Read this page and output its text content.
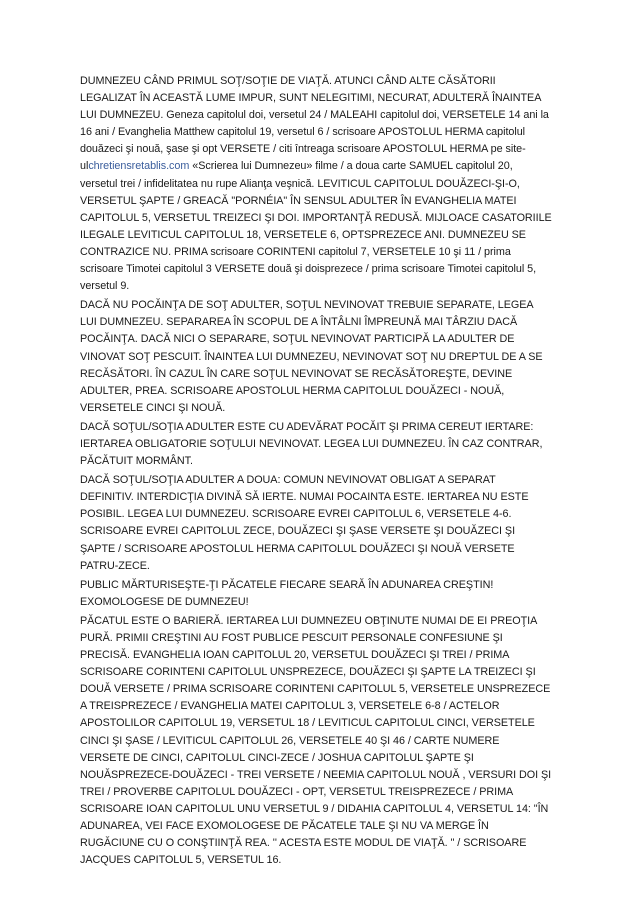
DUMNEZEU CÂND PRIMUL SOŢ/SOŢIE DE VIAŢĂ. ATUNCI CÂND ALTE CĂSĂTORII LEGALIZAT ÎN ACEASTĂ LUME IMPUR, SUNT NELEGITIMI, NECURAT, ADULTERĂ ÎNAINTEA LUI DUMNEZEU. Geneza capitolul doi, versetul 24 / MALEAHI capitolul doi, VERSETELE 14 ani la 16 ani / Evanghelia Matthew capitolul 19, versetul 6 / scrisoare APOSTOLUL HERMA capitolul douăzeci şi nouă, şase şi opt VERSETE / citi întreaga scrisoare APOSTOLUL HERMA pe site-ulchretiensretablis.com «Scrierea lui Dumnezeu» filme / a doua carte SAMUEL capitolul 20, versetul trei / infidelitatea nu rupe Alianţa veşnică. LEVITICUL CAPITOLUL DOUĂZECI-ŞI-O, VERSETUL ŞAPTE / GREACĂ "PORNÉIA" ÎN SENSUL ADULTER ÎN EVANGHELIA MATEI CAPITOLUL 5, VERSETUL TREIZECI ŞI DOI. IMPORTANŢĂ REDUSĂ. MIJLOACE CASATORIILE ILEGALE LEVITICUL CAPITOLUL 18, VERSETELE 6, OPTSPREZECE ANI. DUMNEZEU SE CONTRAZICE NU. PRIMA scrisoare CORINTENI capitolul 7, VERSETELE 10 şi 11 / prima scrisoare Timotei capitolul 3 VERSETE două şi doisprezece / prima scrisoare Timotei capitolul 5, versetul 9.

DACĂ NU POCĂINŢA DE SOŢ ADULTER, SOŢUL NEVINOVAT TREBUIE SEPARATE, LEGEA LUI DUMNEZEU. SEPARAREA ÎN SCOPUL DE A ÎNTÂLNI ÎMPREUNĂ MAI TÂRZIU DACĂ POCĂINŢA. DACĂ NICI O SEPARARE, SOŢUL NEVINOVAT PARTICIPĂ LA ADULTER DE VINOVAT SOŢ PESCUIT. ÎNAINTEA LUI DUMNEZEU, NEVINOVAT SOŢ NU DREPTUL DE A SE RECĂSĂTORI. ÎN CAZUL ÎN CARE SOŢUL NEVINOVAT SE RECĂSĂTOREŞTE, DEVINE ADULTER, PREA. SCRISOARE APOSTOLUL HERMA CAPITOLUL DOUĂZECI - NOUĂ, VERSETELE CINCI ŞI NOUĂ.

DACĂ SOŢUL/SOŢIA ADULTER ESTE CU ADEVĂRAT POCĂIT ŞI PRIMA CEREUT IERTARE: IERTAREA OBLIGATORIE SOŢULUI NEVINOVAT. LEGEA LUI DUMNEZEU. ÎN CAZ CONTRAR, PĂCĂTUIT MORMÂNT.

DACĂ SOŢUL/SOŢIA ADULTER A DOUA: COMUN NEVINOVAT OBLIGAT A SEPARAT DEFINITIV. INTERDICŢIA DIVINĂ SĂ IERTE. NUMAI POCAINTA ESTE. IERTAREA NU ESTE POSIBIL. LEGEA LUI DUMNEZEU. SCRISOARE EVREI CAPITOLUL 6, VERSETELE 4-6. SCRISOARE EVREI CAPITOLUL ZECE, DOUĂZECI ŞI ŞASE VERSETE ŞI DOUĂZECI ŞI ŞAPTE / SCRISOARE APOSTOLUL HERMA CAPITOLUL DOUĂZECI ŞI NOUĂ VERSETE PATRU-ZECE.

PUBLIC MĂRTURISEŞTE-ŢI PĂCATELE FIECARE SEARĂ ÎN ADUNAREA CREŞTIN! EXOMOLOGESE DE DUMNEZEU!

PĂCATUL ESTE O BARIERĂ. IERTAREA LUI DUMNEZEU OBŢINUTE NUMAI DE EI PREOŢIA PURĂ. PRIMII CREŞTINI AU FOST PUBLICE PESCUIT PERSONALE CONFESIUNE ŞI PRECISĂ. EVANGHELIA IOAN CAPITOLUL 20, VERSETUL DOUĂZECI ŞI TREI / PRIMA SCRISOARE CORINTENI CAPITOLUL UNSPREZECE, DOUĂZECI ŞI ŞAPTE LA TREIZECI ŞI DOUĂ VERSETE / PRIMA SCRISOARE CORINTENI CAPITOLUL 5, VERSETELE UNSPREZECE A TREISPREZECE / EVANGHELIA MATEI CAPITOLUL 3, VERSETELE 6-8 / ACTELOR APOSTOLILOR CAPITOLUL 19, VERSETUL 18 / LEVITICUL CAPITOLUL CINCI, VERSETELE CINCI ŞI ŞASE / LEVITICUL CAPITOLUL 26, VERSETELE 40 ŞI 46 / CARTE NUMERE VERSETE DE CINCI, CAPITOLUL CINCI-ZECE / JOSHUA CAPITOLUL ŞAPTE ŞI NOUĂSPREZECE-DOUĂZECI - TREI VERSETE / NEEMIA CAPITOLUL NOUĂ , VERSURI DOI ŞI TREI / PROVERBE CAPITOLUL DOUĂZECI - OPT, VERSETUL TREISPREZECE / PRIMA SCRISOARE IOAN CAPITOLUL UNU VERSETUL 9 / DIDAHIA CAPITOLUL 4, VERSETUL 14: "ÎN ADUNAREA, VEI FACE EXOMOLOGESE DE PĂCATELE TALE ŞI NU VA MERGE ÎN RUGĂCIUNE CU O CONŞTIINŢĂ REA. '' ACESTA ESTE MODUL DE VIAŢĂ. " / SCRISOARE JACQUES CAPITOLUL 5, VERSETUL 16.
